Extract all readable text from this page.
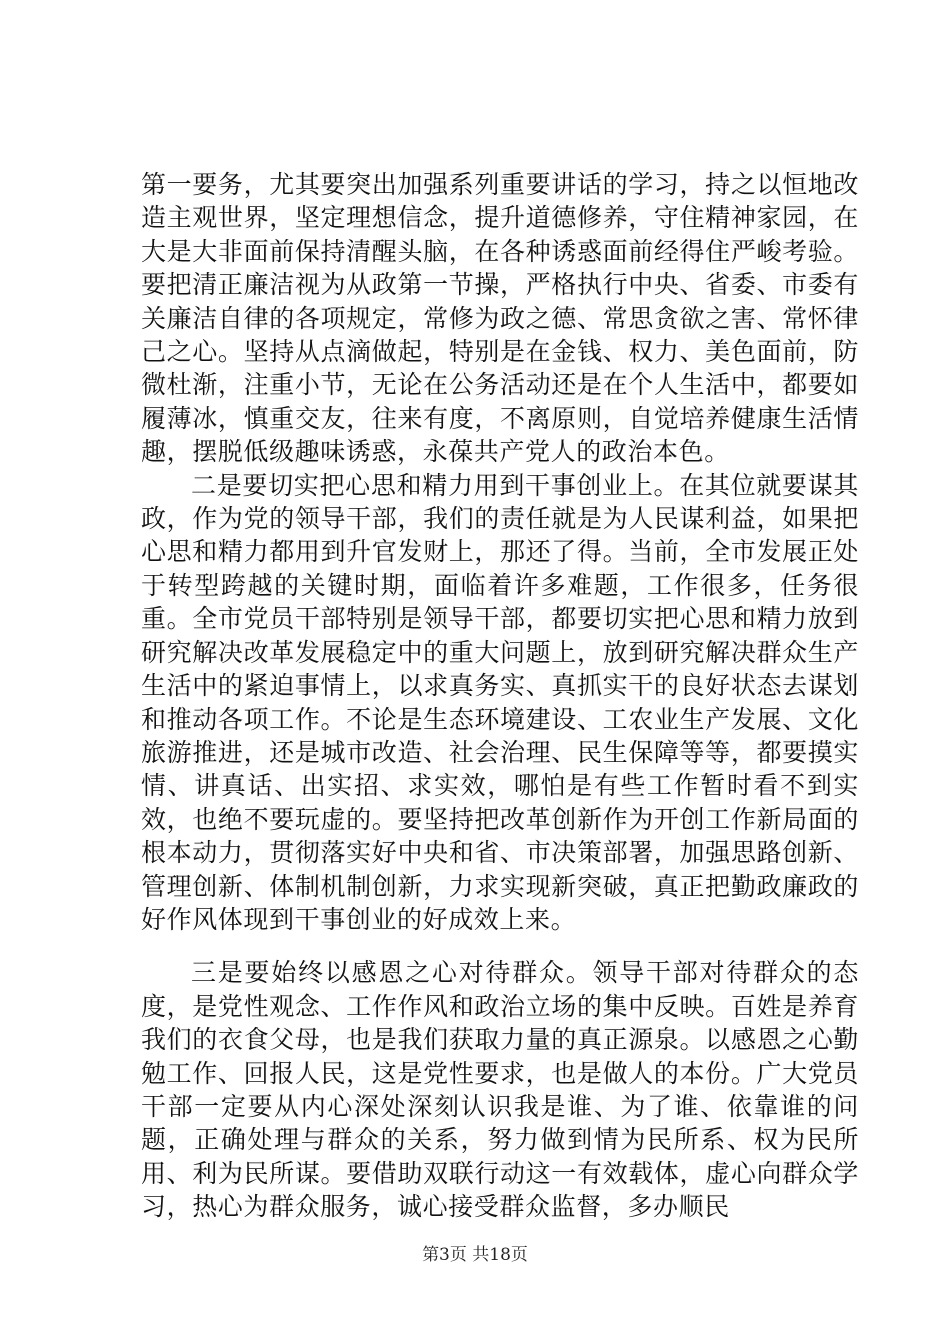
第一要务，尤其要突出加强系列重要讲话的学习，持之以恒地改造主观世界，坚定理想信念，提升道德修养，守住精神家园，在大是大非面前保持清醒头脑，在各种诱惑面前经得住严峻考验。要把清正廉洁视为从政第一节操，严格执行中央、省委、市委有关廉洁自律的各项规定，常修为政之德、常思贪欲之害、常怀律己之心。坚持从点滴做起，特别是在金钱、权力、美色面前，防微杜渐，注重小节，无论在公务活动还是在个人生活中，都要如履薄冰，慎重交友，往来有度，不离原则，自觉培养健康生活情趣，摆脱低级趣味诱惑，永葆共产党人的政治本色。

二是要切实把心思和精力用到干事创业上。在其位就要谋其政，作为党的领导干部，我们的责任就是为人民谋利益，如果把心思和精力都用到升官发财上，那还了得。当前，全市发展正处于转型跨越的关键时期，面临着许多难题，工作很多，任务很重。全市党员干部特别是领导干部，都要切实把心思和精力放到研究解决改革发展稳定中的重大问题上，放到研究解决群众生产生活中的紧迫事情上，以求真务实、真抓实干的良好状态去谋划和推动各项工作。不论是生态环境建设、工农业生产发展、文化旅游推进，还是城市改造、社会治理、民生保障等等，都要摸实情、讲真话、出实招、求实效，哪怕是有些工作暂时看不到实效，也绝不要玩虚的。要坚持把改革创新作为开创工作新局面的根本动力，贯彻落实好中央和省、市决策部署，加强思路创新、管理创新、体制机制创新，力求实现新突破，真正把勤政廉政的好作风体现到干事创业的好成效上来。

三是要始终以感恩之心对待群众。领导干部对待群众的态度，是党性观念、工作作风和政治立场的集中反映。百姓是养育我们的衣食父母，也是我们获取力量的真正源泉。以感恩之心勤勉工作、回报人民，这是党性要求，也是做人的本份。广大党员干部一定要从内心深处深刻认识我是谁、为了谁、依靠谁的问题，正确处理与群众的关系，努力做到情为民所系、权为民所用、利为民所谋。要借助双联行动这一有效载体，虚心向群众学习，热心为群众服务，诚心接受群众监督，多办顺民

第3页 共18页
